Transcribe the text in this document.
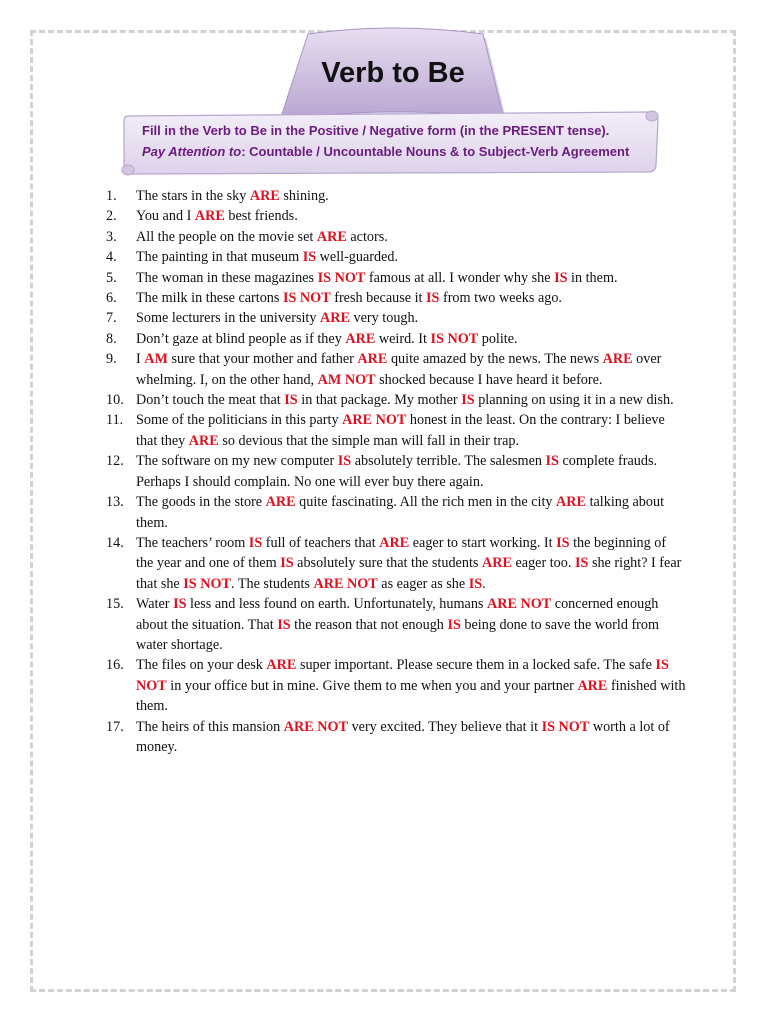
Verb to Be
Fill in the Verb to Be in the Positive / Negative form (in the PRESENT tense).
Pay Attention to: Countable / Uncountable Nouns & to Subject-Verb Agreement
1. The stars in the sky ARE shining.
2. You and I ARE best friends.
3. All the people on the movie set ARE actors.
4. The painting in that museum IS well-guarded.
5. The woman in these magazines IS NOT famous at all. I wonder why she IS in them.
6. The milk in these cartons IS NOT fresh because it IS from two weeks ago.
7. Some lecturers in the university ARE very tough.
8. Don’t gaze at blind people as if they ARE weird. It IS NOT polite.
9. I AM sure that your mother and father ARE quite amazed by the news. The news ARE over whelming. I, on the other hand, AM NOT shocked because I have heard it before.
10. Don’t touch the meat that IS in that package. My mother IS planning on using it in a new dish.
11. Some of the politicians in this party ARE NOT honest in the least. On the contrary: I believe that they ARE so devious that the simple man will fall in their trap.
12. The software on my new computer IS absolutely terrible. The salesmen IS complete frauds. Perhaps I should complain. No one will ever buy there again.
13. The goods in the store ARE quite fascinating. All the rich men in the city ARE talking about them.
14. The teachers’ room IS full of teachers that ARE eager to start working. It IS the beginning of the year and one of them IS absolutely sure that the students ARE eager too. IS she right? I fear that she IS NOT. The students ARE NOT as eager as she IS.
15. Water IS less and less found on earth. Unfortunately, humans ARE NOT concerned enough about the situation. That IS the reason that not enough IS being done to save the world from water shortage.
16. The files on your desk ARE super important. Please secure them in a locked safe. The safe IS NOT in your office but in mine. Give them to me when you and your partner ARE finished with them.
17. The heirs of this mansion ARE NOT very excited. They believe that it IS NOT worth a lot of money.
